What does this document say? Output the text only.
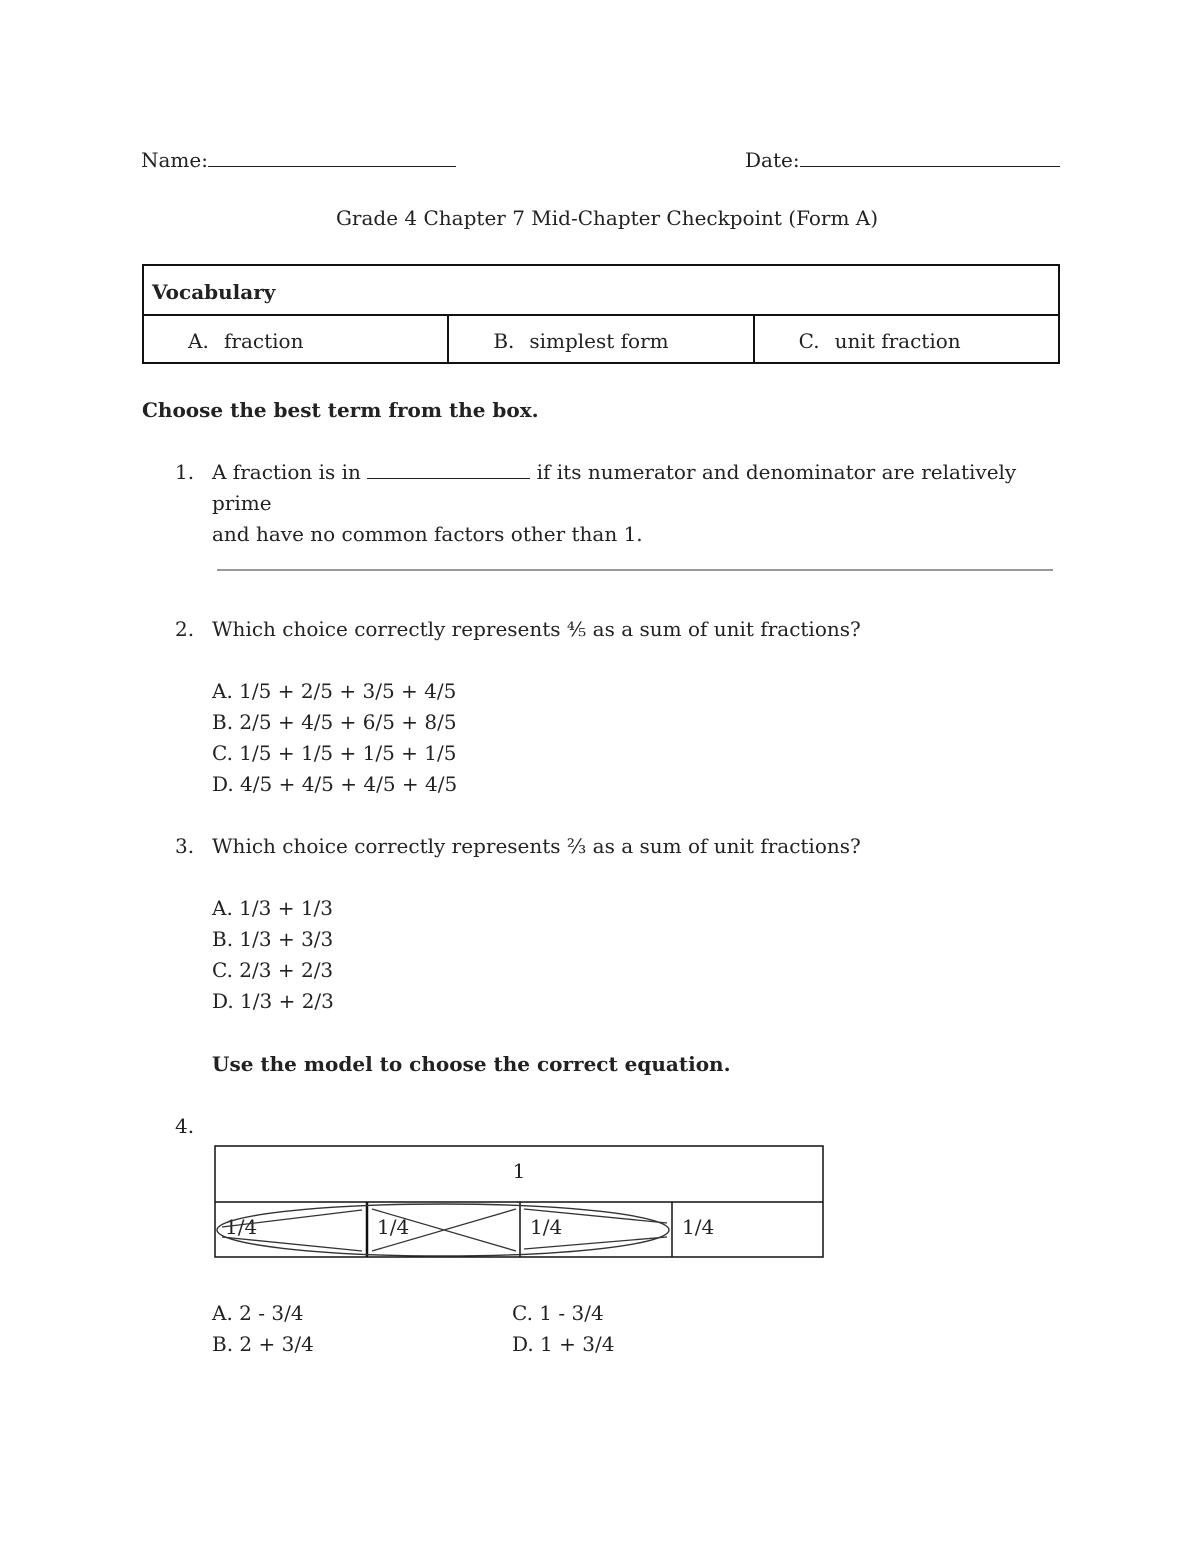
Name:	Date:
Grade 4 Chapter 7 Mid-Chapter Checkpoint (Form A)
Vocabulary
A. fraction	B. simplest form	C. unit fraction
Choose the best term from the box.
1. A fraction is in	if its numerator and denominator are relatively prime
and have no common factors other than 1.
2. Which choice correctly represents ⅘ as a sum of unit fractions?
A. 1/5 + 2/5 + 3/5 + 4/5
B. 2/5 + 4/5 + 6/5 + 8/5
C. 1/5 + 1/5 + 1/5 + 1/5
D. 4/5 + 4/5 + 4/5 + 4/5
3. Which choice correctly represents ⅔ as a sum of unit fractions?
A. 1/3 + 1/3
B. 1/3 + 3/3
C. 2/3 + 2/3
D. 1/3 + 2/3
Use the model to choose the correct equation.
4.
1
1/4	1/4	1/4	1/4
A. 2 - 3/4
B. 2 + 3/4
C. 1 - 3/4
D. 1 + 3/4
